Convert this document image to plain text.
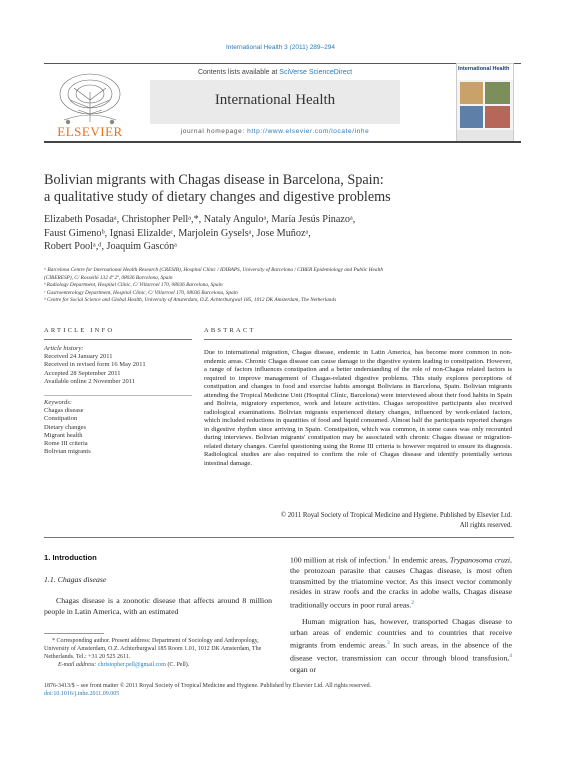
International Health 3 (2011) 289–294
ELSEVIER
Contents lists available at SciVerse ScienceDirect
International Health
journal homepage: http://www.elsevier.com/locate/inhe
International Health
Bolivian migrants with Chagas disease in Barcelona, Spain:
a qualitative study of dietary changes and digestive problems
Elizabeth Posadaᵃ, Christopher Pellᵃ,*, Nataly Anguloᵃ, María Jesús Pinazoᵃ,
Faust Gimenoᵇ, Ignasi Elizaldeᶜ, Marjolein Gyselsᵃ, Jose Muñozᵃ,
Robert Poolᵃ,ᵈ, Joaquim Gascónᵃ
ᵃ Barcelona Centre for International Health Research (CRESIB), Hospital Clínic / IDIBAPS, University of Barcelona / CIBER Epidemiology and Public Health
(CIBERESP), C/ Rosselló 132 4ª 2ª, 08036 Barcelona, Spain
ᵇ Radiology Department, Hospital Clínic, C/ Villarroel 170, 08036 Barcelona, Spain
ᶜ Gastroenterology Department, Hospital Clínic, C/ Villarroel 170, 08036 Barcelona, Spain
ᵈ Centre for Social Science and Global Health, University of Amsterdam, O.Z. Achterburgwal 185, 1012 DK Amsterdam, The Netherlands
ARTICLE INFO
Article history:
Received 24 January 2011
Received in revised form 16 May 2011
Accepted 28 September 2011
Available online 2 November 2011
Keywords:
Chagas disease
Constipation
Dietary changes
Migrant health
Rome III criteria
Bolivian migrants
ABSTRACT
Due to international migration, Chagas disease, endemic in Latin America, has become more common in non-endemic areas. Chronic Chagas disease can cause damage to the digestive system leading to constipation. However, a range of factors influences constipation and a better understanding of the role of non-Chagas related factors is required to improve management of Chagas-related digestive problems. This study explores perceptions of constipation and changes in food and exercise habits amongst Bolivians in Barcelona, Spain. Bolivian migrants attending the Tropical Medicine Unit (Hospital Clínic, Barcelona) were interviewed about their food habits in Spain and Bolivia, migratory experience, work and leisure activities. Chagas seropositive participants also received radiological examinations. Bolivian migrants experienced dietary changes, influenced by work-related factors, which included reductions in quantities of food and liquid consumed. Almost half the participants reported changes in digestive rhythm since arriving in Spain. Constipation, which was common, in some cases was only recounted during interviews. Bolivian migrants' constipation may be associated with chronic Chagas disease or migration-related dietary changes. Careful questioning using the Rome III criteria is however required to ensure its diagnosis. Radiological studies are also required to confirm the role of Chagas disease and identify potentially serious intestinal damage.
© 2011 Royal Society of Tropical Medicine and Hygiene. Published by Elsevier Ltd.
All rights reserved.
1. Introduction
1.1. Chagas disease
Chagas disease is a zoonotic disease that affects around 8 million people in Latin America, with an estimated
* Corresponding author. Present address: Department of Sociology and Anthropology, University of Amsterdam, O.Z. Achterburgwal 185 Room 1.01, 1012 DK Amsterdam, The Netherlands. Tel.: +31 20 525 2611.
E-mail address: christopher.pell@gmail.com (C. Pell).
100 million at risk of infection.$^1$ In endemic areas, Trypanosoma cruzi, the protozoan parasite that causes Chagas disease, is most often transmitted by the triatomine vector. As this insect vector commonly resides in straw roofs and the cracks in adobe walls, Chagas disease traditionally occurs in poor rural areas.$^2$
Human migration has, however, transported Chagas disease to urban areas of endemic countries and to countries that receive migrants from endemic areas.$^3$ In such areas, in the absence of the disease vector, transmission can occur through blood transfusion,$^4$ organ or
1876-3413/$ – see front matter © 2011 Royal Society of Tropical Medicine and Hygiene. Published by Elsevier Ltd. All rights reserved.
doi:10.1016/j.inhe.2011.09.005
